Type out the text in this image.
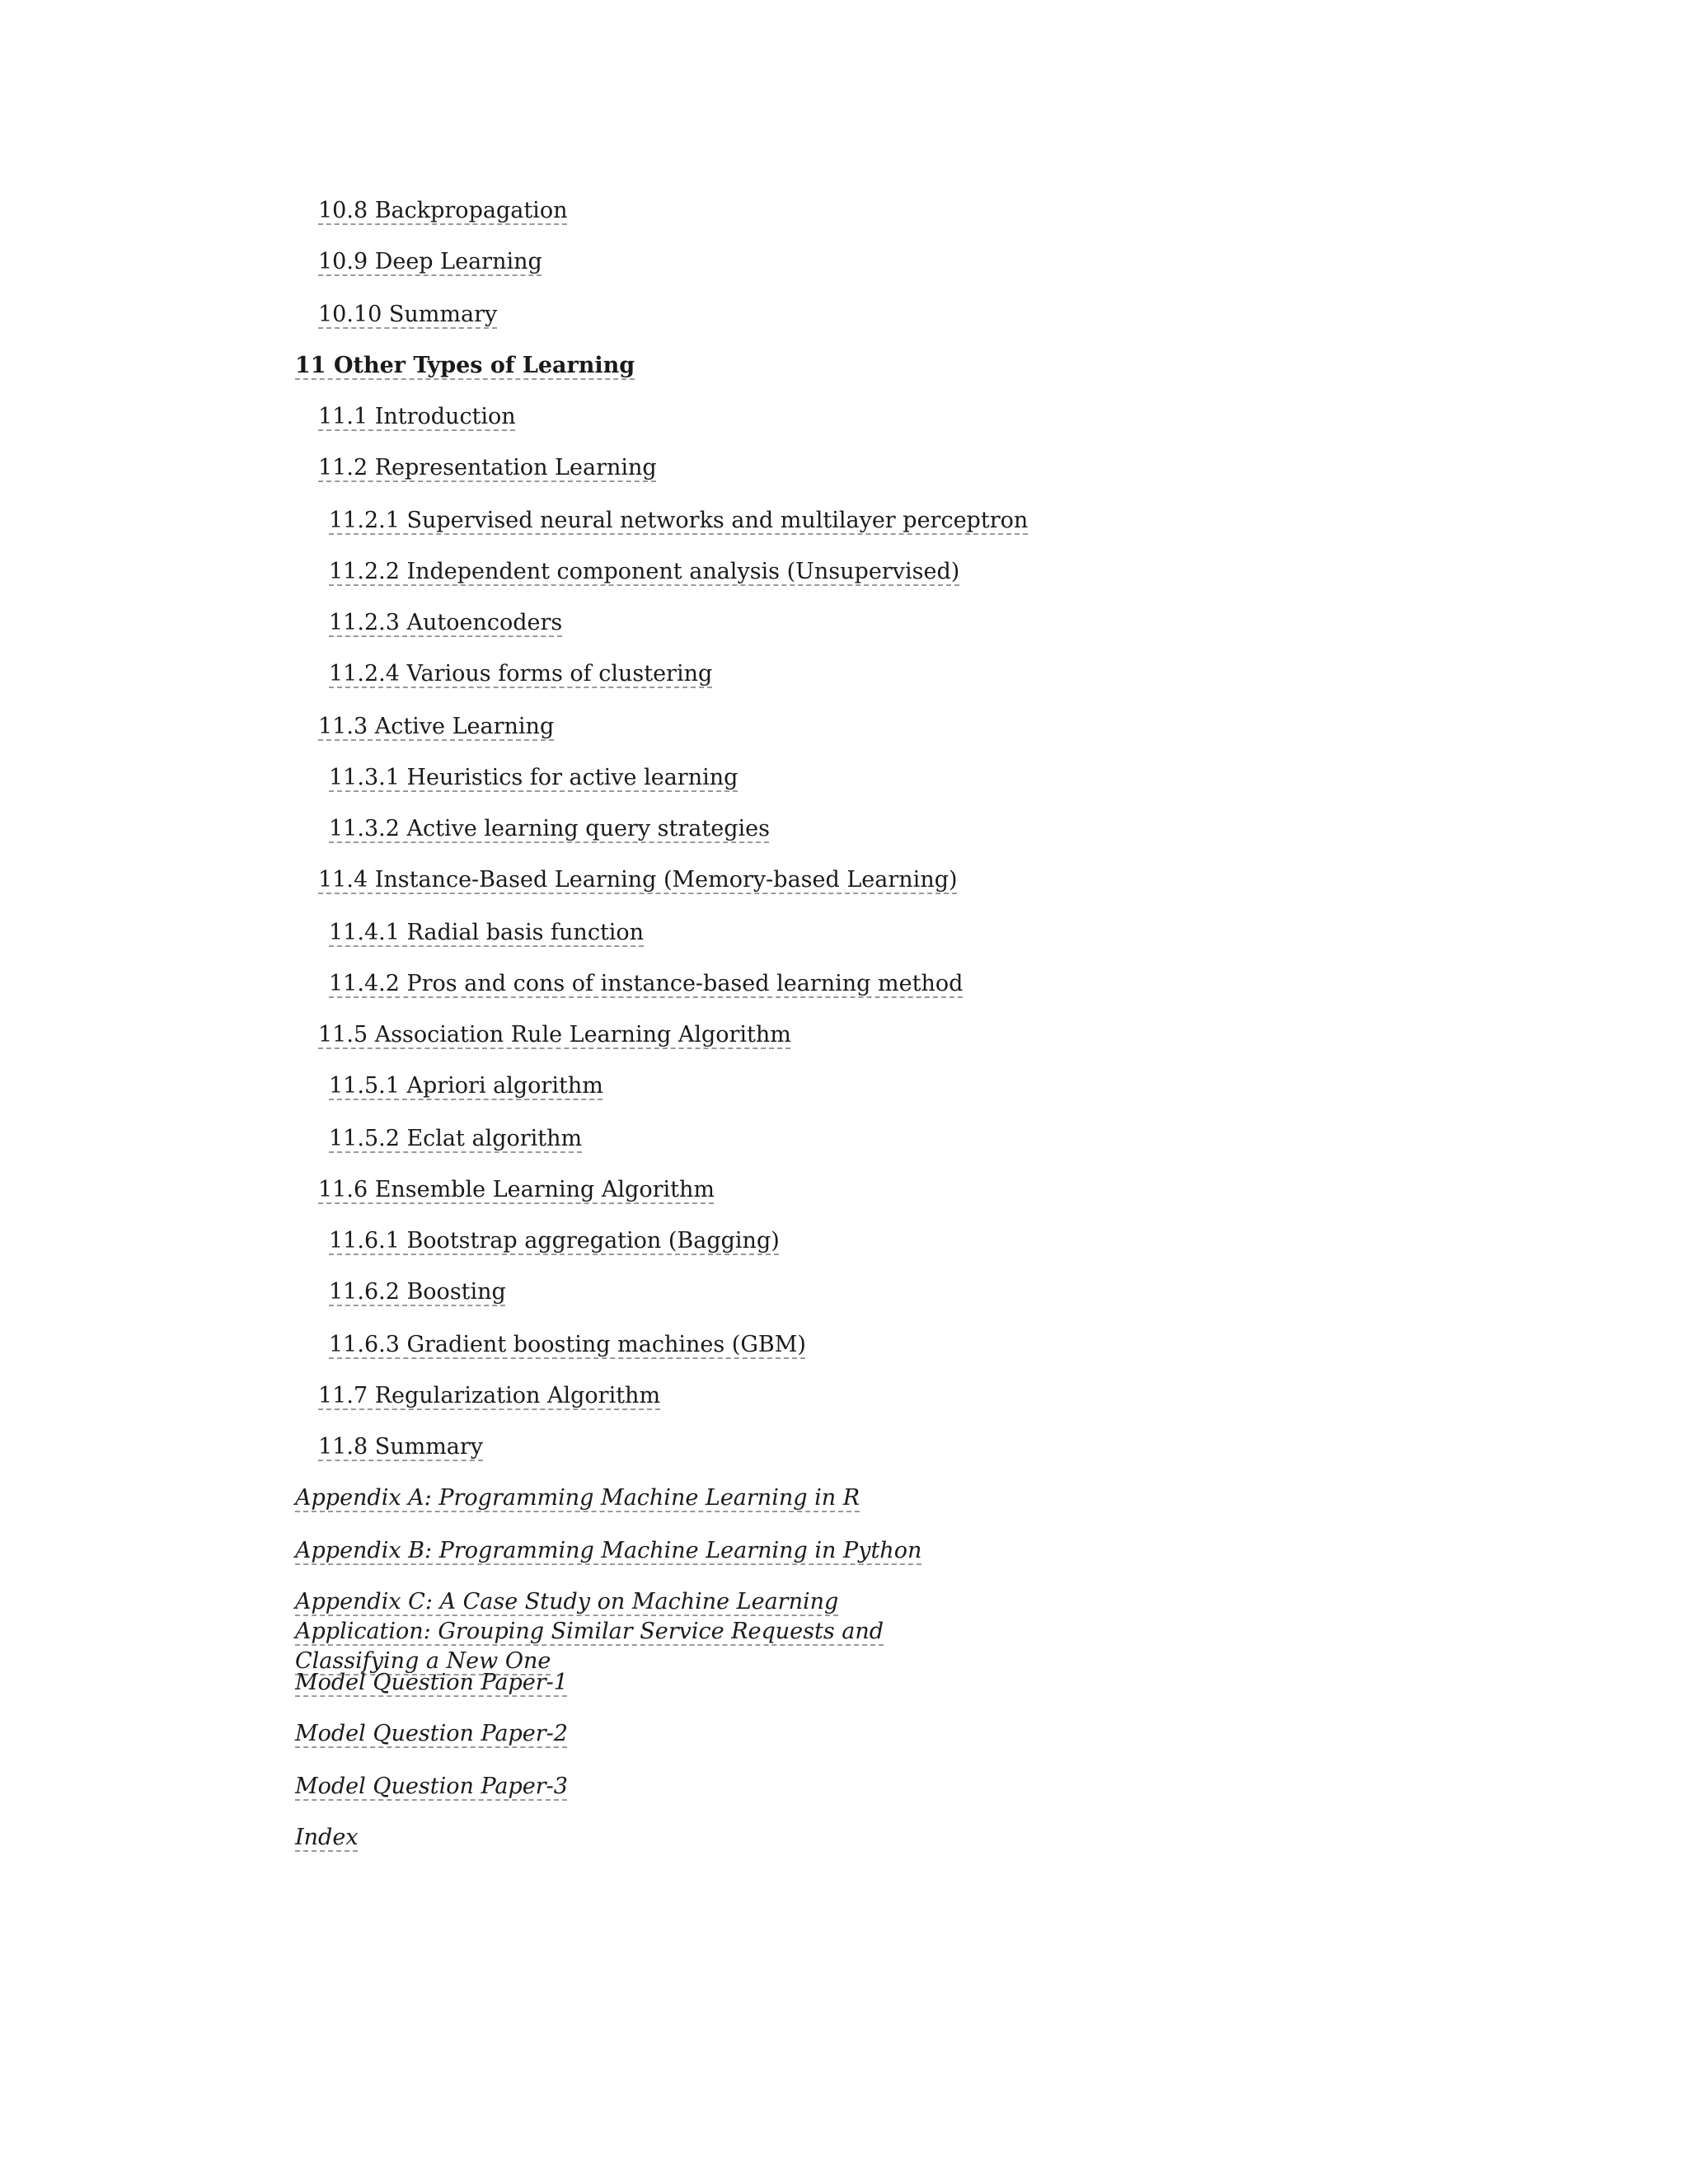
10.8 Backpropagation
10.9 Deep Learning
10.10 Summary
11 Other Types of Learning
11.1 Introduction
11.2 Representation Learning
11.2.1 Supervised neural networks and multilayer perceptron
11.2.2 Independent component analysis (Unsupervised)
11.2.3 Autoencoders
11.2.4 Various forms of clustering
11.3 Active Learning
11.3.1 Heuristics for active learning
11.3.2 Active learning query strategies
11.4 Instance-Based Learning (Memory-based Learning)
11.4.1 Radial basis function
11.4.2 Pros and cons of instance-based learning method
11.5 Association Rule Learning Algorithm
11.5.1 Apriori algorithm
11.5.2 Eclat algorithm
11.6 Ensemble Learning Algorithm
11.6.1 Bootstrap aggregation (Bagging)
11.6.2 Boosting
11.6.3 Gradient boosting machines (GBM)
11.7 Regularization Algorithm
11.8 Summary
Appendix A: Programming Machine Learning in R
Appendix B: Programming Machine Learning in Python
Appendix C: A Case Study on Machine Learning Application: Grouping Similar Service Requests and Classifying a New One
Model Question Paper-1
Model Question Paper-2
Model Question Paper-3
Index
